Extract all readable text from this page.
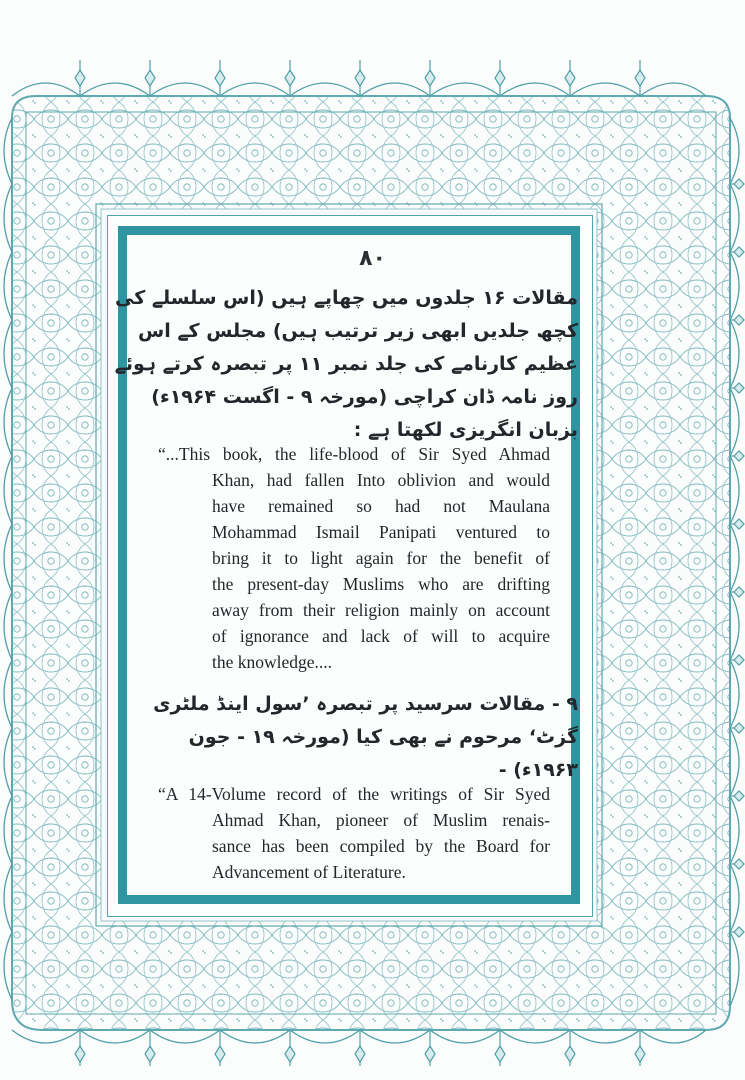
۸۰
مقالات ۱۶ جلدوں میں چھاپے ہیں (اس سلسلے کی
کچھ جلدیں ابھی زیر ترتیب ہیں) مجلس کے اس
عظیم کارنامے کی جلد نمبر ۱۱ پر تبصرہ کرتے ہوئے
روز نامہ ڈان کراچی (مورخہ ۹ - اگست ۱۹۶۴ء)
بزبان انگریزی لکھتا ہے :
“...This book, the life-blood of Sir Syed Ahmad
Khan, had fallen Into oblivion and would
have remained so had not Maulana
Mohammad Ismail Panipati ventured to
bring it to light again for the benefit of
the present-day Muslims who are drifting
away from their religion mainly on account
of ignorance and lack of will to acquire
the knowledge....
۹ - مقالات سرسید پر تبصرہ ’سول اینڈ ملٹری
گزٹ‘ مرحوم نے بھی کیا (مورخہ ۱۹ - جون
۱۹۶۳ء) -
“A 14-Volume record of the writings of Sir Syed
Ahmad Khan, pioneer of Muslim renais-
sance has been compiled by the Board for
Advancement of Literature.
